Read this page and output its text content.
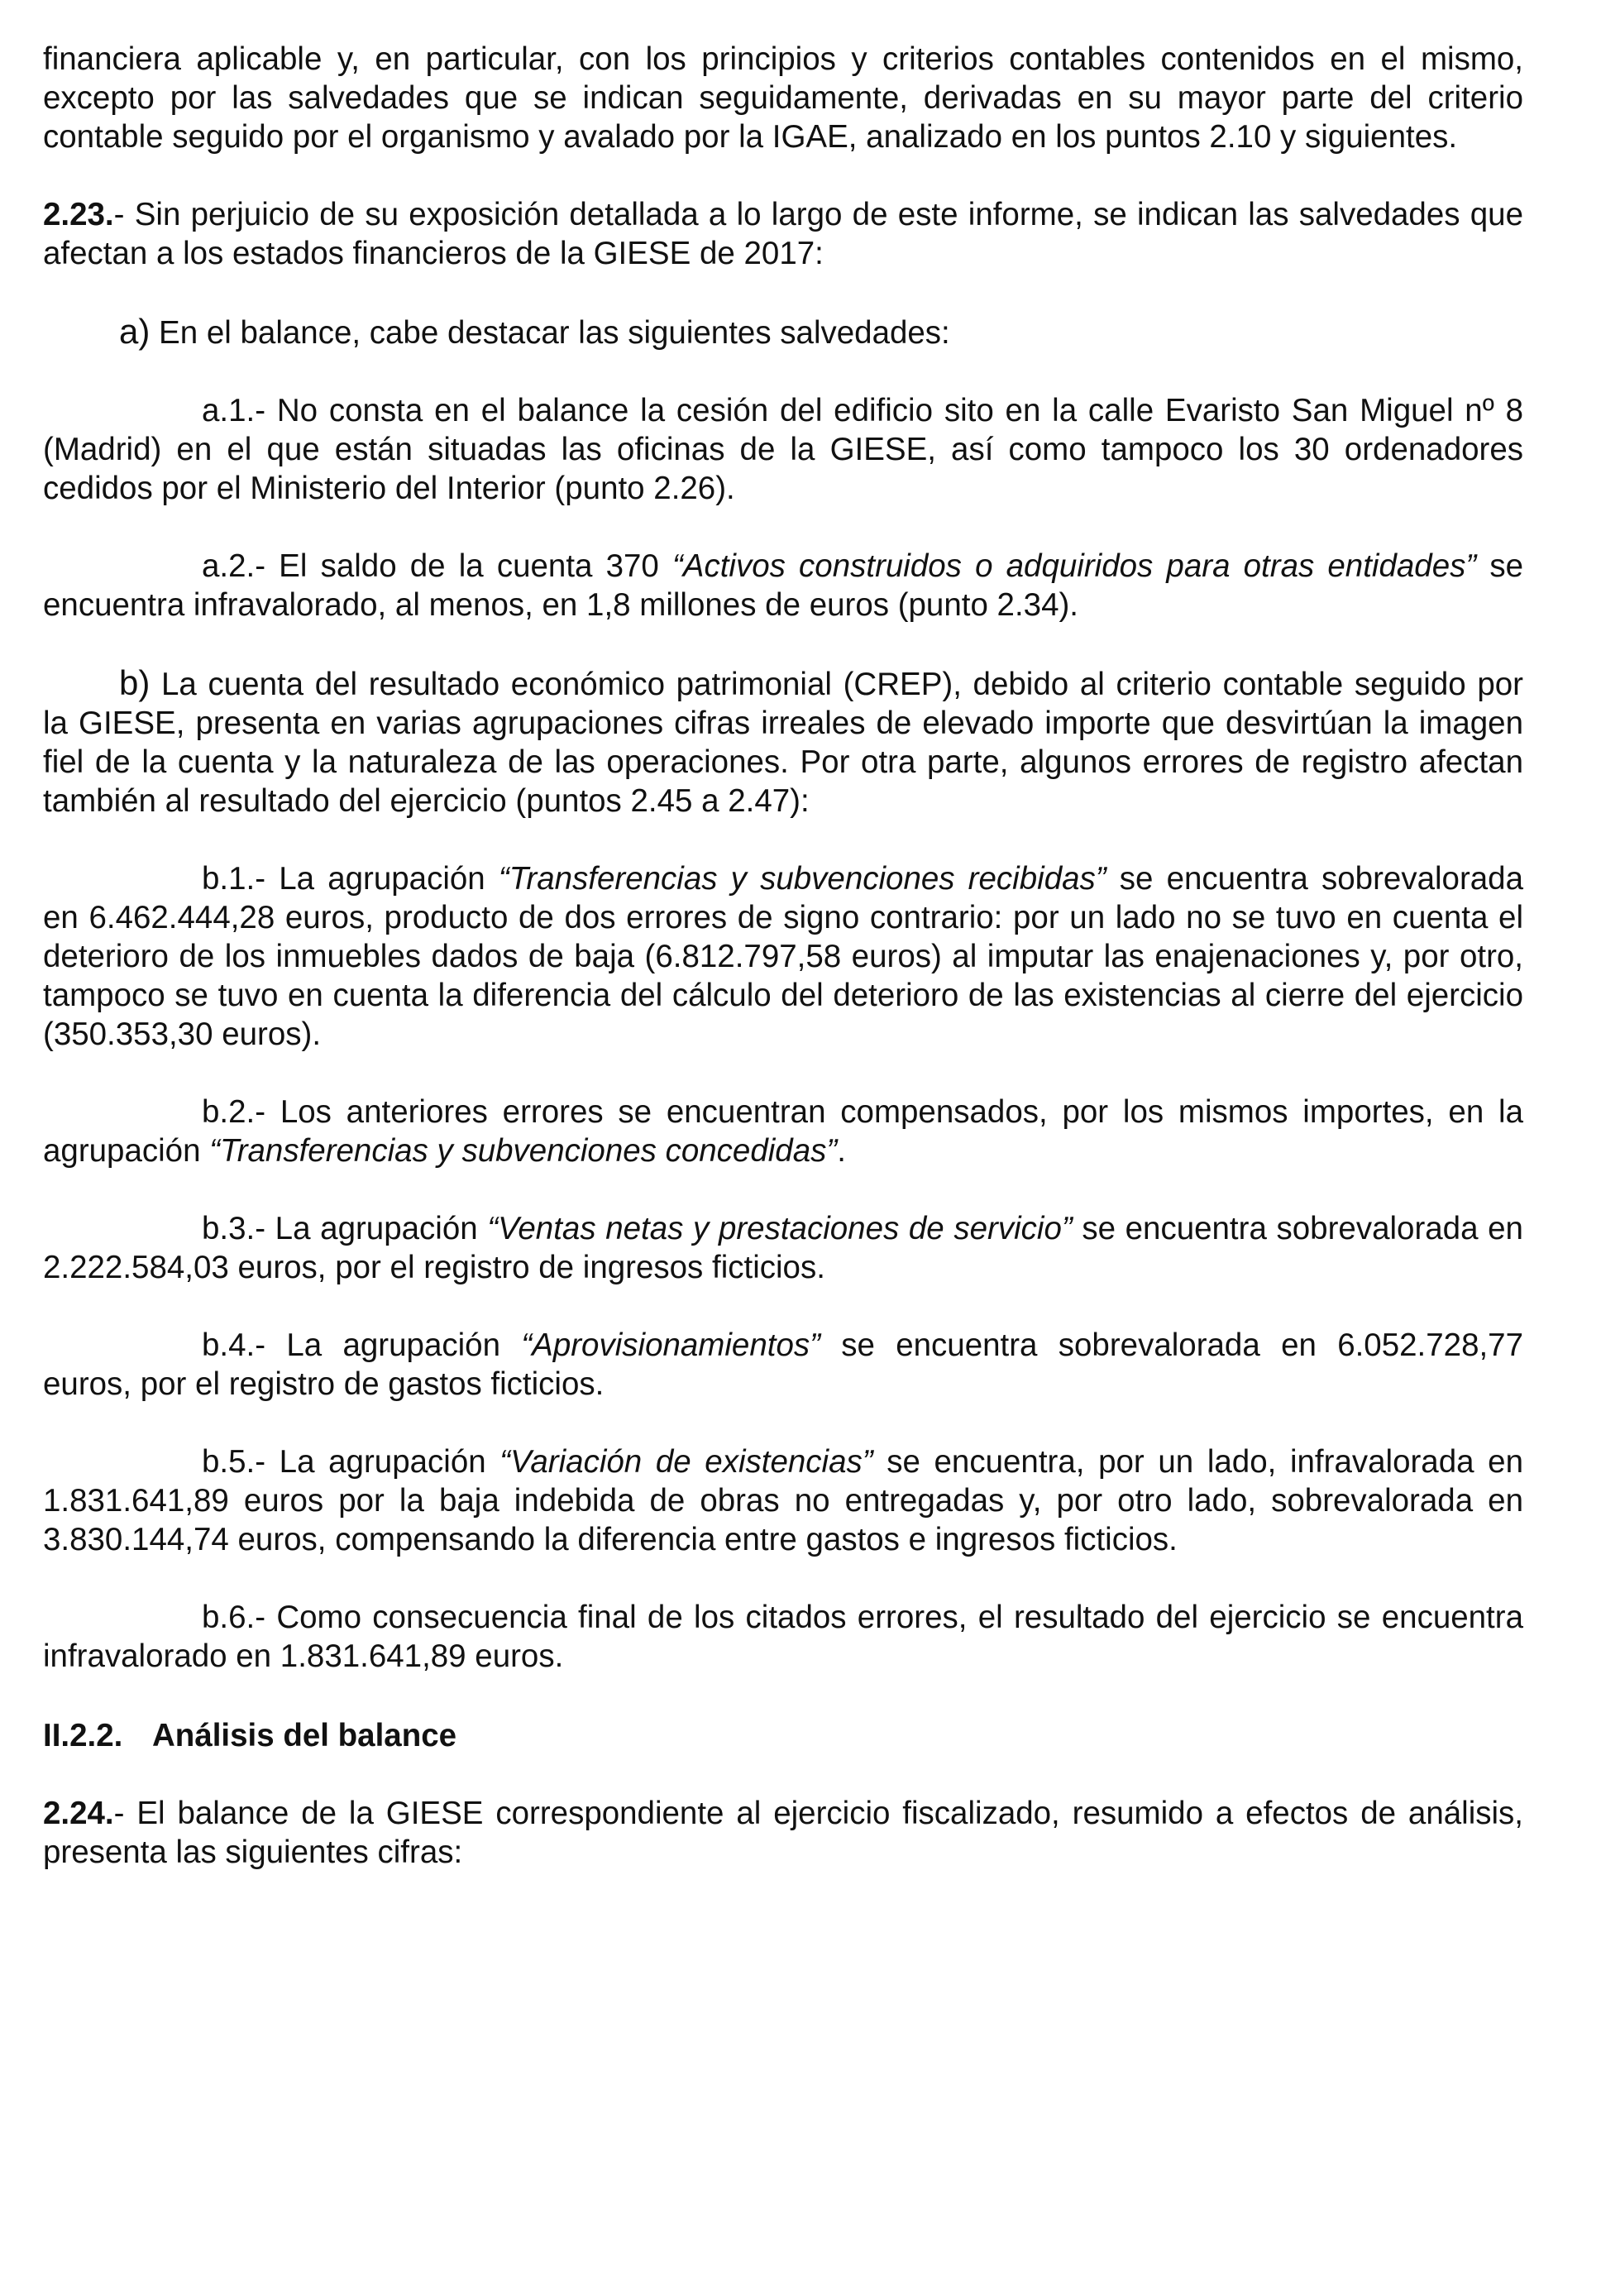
financiera aplicable y, en particular, con los principios y criterios contables contenidos en el mismo, excepto por las salvedades que se indican seguidamente, derivadas en su mayor parte del criterio contable seguido por el organismo y avalado por la IGAE, analizado en los puntos 2.10 y siguientes.

2.23.- Sin perjuicio de su exposición detallada a lo largo de este informe, se indican las salvedades que afectan a los estados financieros de la GIESE de 2017:

a) En el balance, cabe destacar las siguientes salvedades:

a.1.- No consta en el balance la cesión del edificio sito en la calle Evaristo San Miguel nº 8 (Madrid) en el que están situadas las oficinas de la GIESE, así como tampoco los 30 ordenadores cedidos por el Ministerio del Interior (punto 2.26).

a.2.- El saldo de la cuenta 370 “Activos construidos o adquiridos para otras entidades” se encuentra infravalorado, al menos, en 1,8 millones de euros (punto 2.34).

b) La cuenta del resultado económico patrimonial (CREP), debido al criterio contable seguido por la GIESE, presenta en varias agrupaciones cifras irreales de elevado importe que desvirtúan la imagen fiel de la cuenta y la naturaleza de las operaciones. Por otra parte, algunos errores de registro afectan también al resultado del ejercicio (puntos 2.45 a 2.47):

b.1.- La agrupación “Transferencias y subvenciones recibidas” se encuentra sobrevalorada en 6.462.444,28 euros, producto de dos errores de signo contrario: por un lado no se tuvo en cuenta el deterioro de los inmuebles dados de baja (6.812.797,58 euros) al imputar las enajenaciones y, por otro, tampoco se tuvo en cuenta la diferencia del cálculo del deterioro de las existencias al cierre del ejercicio (350.353,30 euros).

b.2.- Los anteriores errores se encuentran compensados, por los mismos importes, en la agrupación “Transferencias y subvenciones concedidas”.

b.3.- La agrupación “Ventas netas y prestaciones de servicio” se encuentra sobrevalorada en 2.222.584,03 euros, por el registro de ingresos ficticios.

b.4.- La agrupación “Aprovisionamientos” se encuentra sobrevalorada en 6.052.728,77 euros, por el registro de gastos ficticios.

b.5.- La agrupación “Variación de existencias” se encuentra, por un lado, infravalorada en 1.831.641,89 euros por la baja indebida de obras no entregadas y, por otro lado, sobrevalorada en 3.830.144,74 euros, compensando la diferencia entre gastos e ingresos ficticios.

b.6.- Como consecuencia final de los citados errores, el resultado del ejercicio se encuentra infravalorado en 1.831.641,89 euros.

II.2.2. Análisis del balance

2.24.- El balance de la GIESE correspondiente al ejercicio fiscalizado, resumido a efectos de análisis, presenta las siguientes cifras:
